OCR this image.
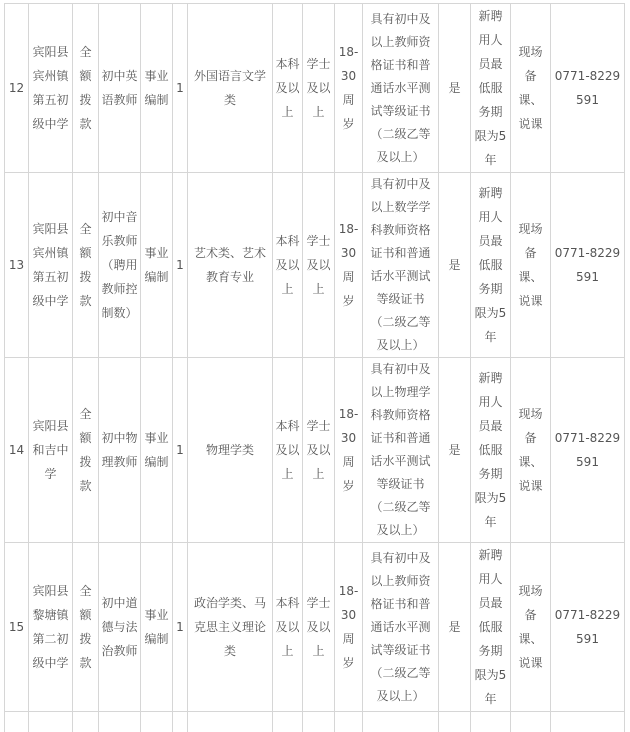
12	宾阳县宾州镇第五初级中学	全额拨款	初中英语教师	事业编制	1	外国语言文学类	本科及以上	学士及以上	18-30周岁	具有初中及以上教师资格证书和普通话水平测试等级证书（二级乙等及以上）	是	新聘用人员最低服务期限为5年	现场备课、说课	0771-8229591
13	宾阳县宾州镇第五初级中学	全额拨款	初中音乐教师（聘用教师控制数）	事业编制	1	艺术类、艺术教育专业	本科及以上	学士及以上	18-30周岁	具有初中及以上数学学科教师资格证书和普通话水平测试等级证书（二级乙等及以上）	是	新聘用人员最低服务期限为5年	现场备课、说课	0771-8229591
14	宾阳县和吉中学	全额拨款	初中物理教师	事业编制	1	物理学类	本科及以上	学士及以上	18-30周岁	具有初中及以上物理学科教师资格证书和普通话水平测试等级证书（二级乙等及以上）	是	新聘用人员最低服务期限为5年	现场备课、说课	0771-8229591
15	宾阳县黎塘镇第二初级中学	全额拨款	初中道德与法治教师	事业编制	1	政治学类、马克思主义理论类	本科及以上	学士及以上	18-30周岁	具有初中及以上教师资格证书和普通话水平测试等级证书（二级乙等及以上）	是	新聘用人员最低服务期限为5年	现场备课、说课	0771-8229591
